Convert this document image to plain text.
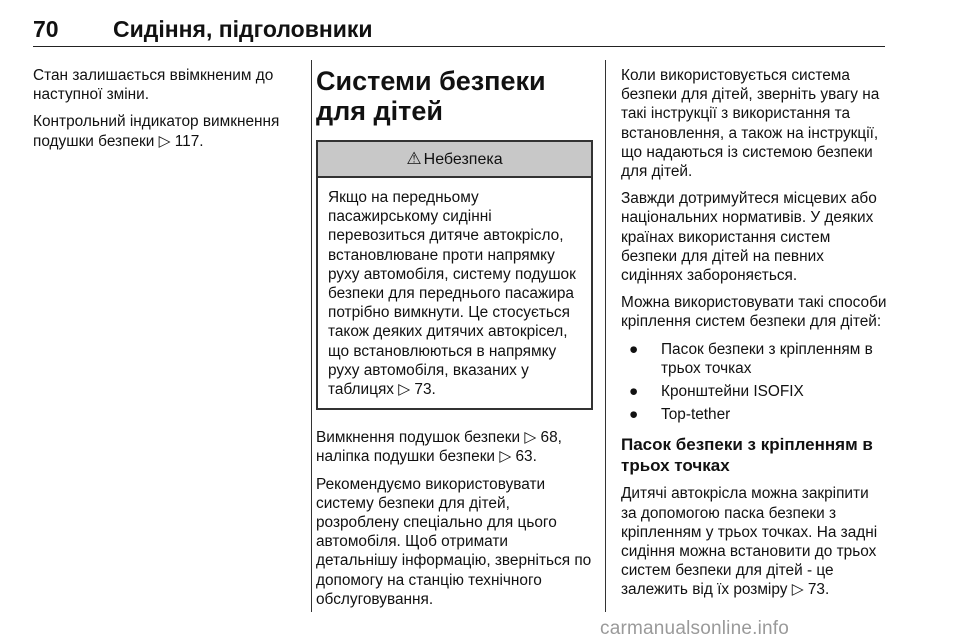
70 Сидіння, підголовники

Стан залишається ввімкненим до наступної зміни.

Контрольний індикатор вимкнення подушки безпеки ▷ 117.

Системи безпеки для дітей
⚠ Небезпека
Якщо на передньому пасажирському сидінні перевозиться дитяче автокрісло, встановлюване проти напрямку руху автомобіля, систему подушок безпеки для переднього пасажира потрібно вимкнути. Це стосується також деяких дитячих автокрісел, що встановлюються в напрямку руху автомобіля, вказаних у таблицях ▷ 73.

Вимкнення подушок безпеки ▷ 68, наліпка подушки безпеки ▷ 63.

Рекомендуємо використовувати систему безпеки для дітей, розроблену спеціально для цього автомобіля. Щоб отримати детальнішу інформацію, зверніться по допомогу на станцію технічного обслуговування.

Коли використовується система безпеки для дітей, зверніть увагу на такі інструкції з використання та встановлення, а також на інструкції, що надаються із системою безпеки для дітей.

Завжди дотримуйтеся місцевих або національних нормативів. У деяких країнах використання систем безпеки для дітей на певних сидіннях забороняється.

Можна використовувати такі способи кріплення систем безпеки для дітей:

● Пасок безпеки з кріпленням в трьох точках
● Кронштейни ISOFIX
● Top-tether
Пасок безпеки з кріпленням в трьох точках

Дитячі автокрісла можна закріпити за допомогою паска безпеки з кріпленням у трьох точках. На задні сидіння можна встановити до трьох систем безпеки для дітей - це залежить від їх розміру ▷ 73.

carmanualsonline.info
